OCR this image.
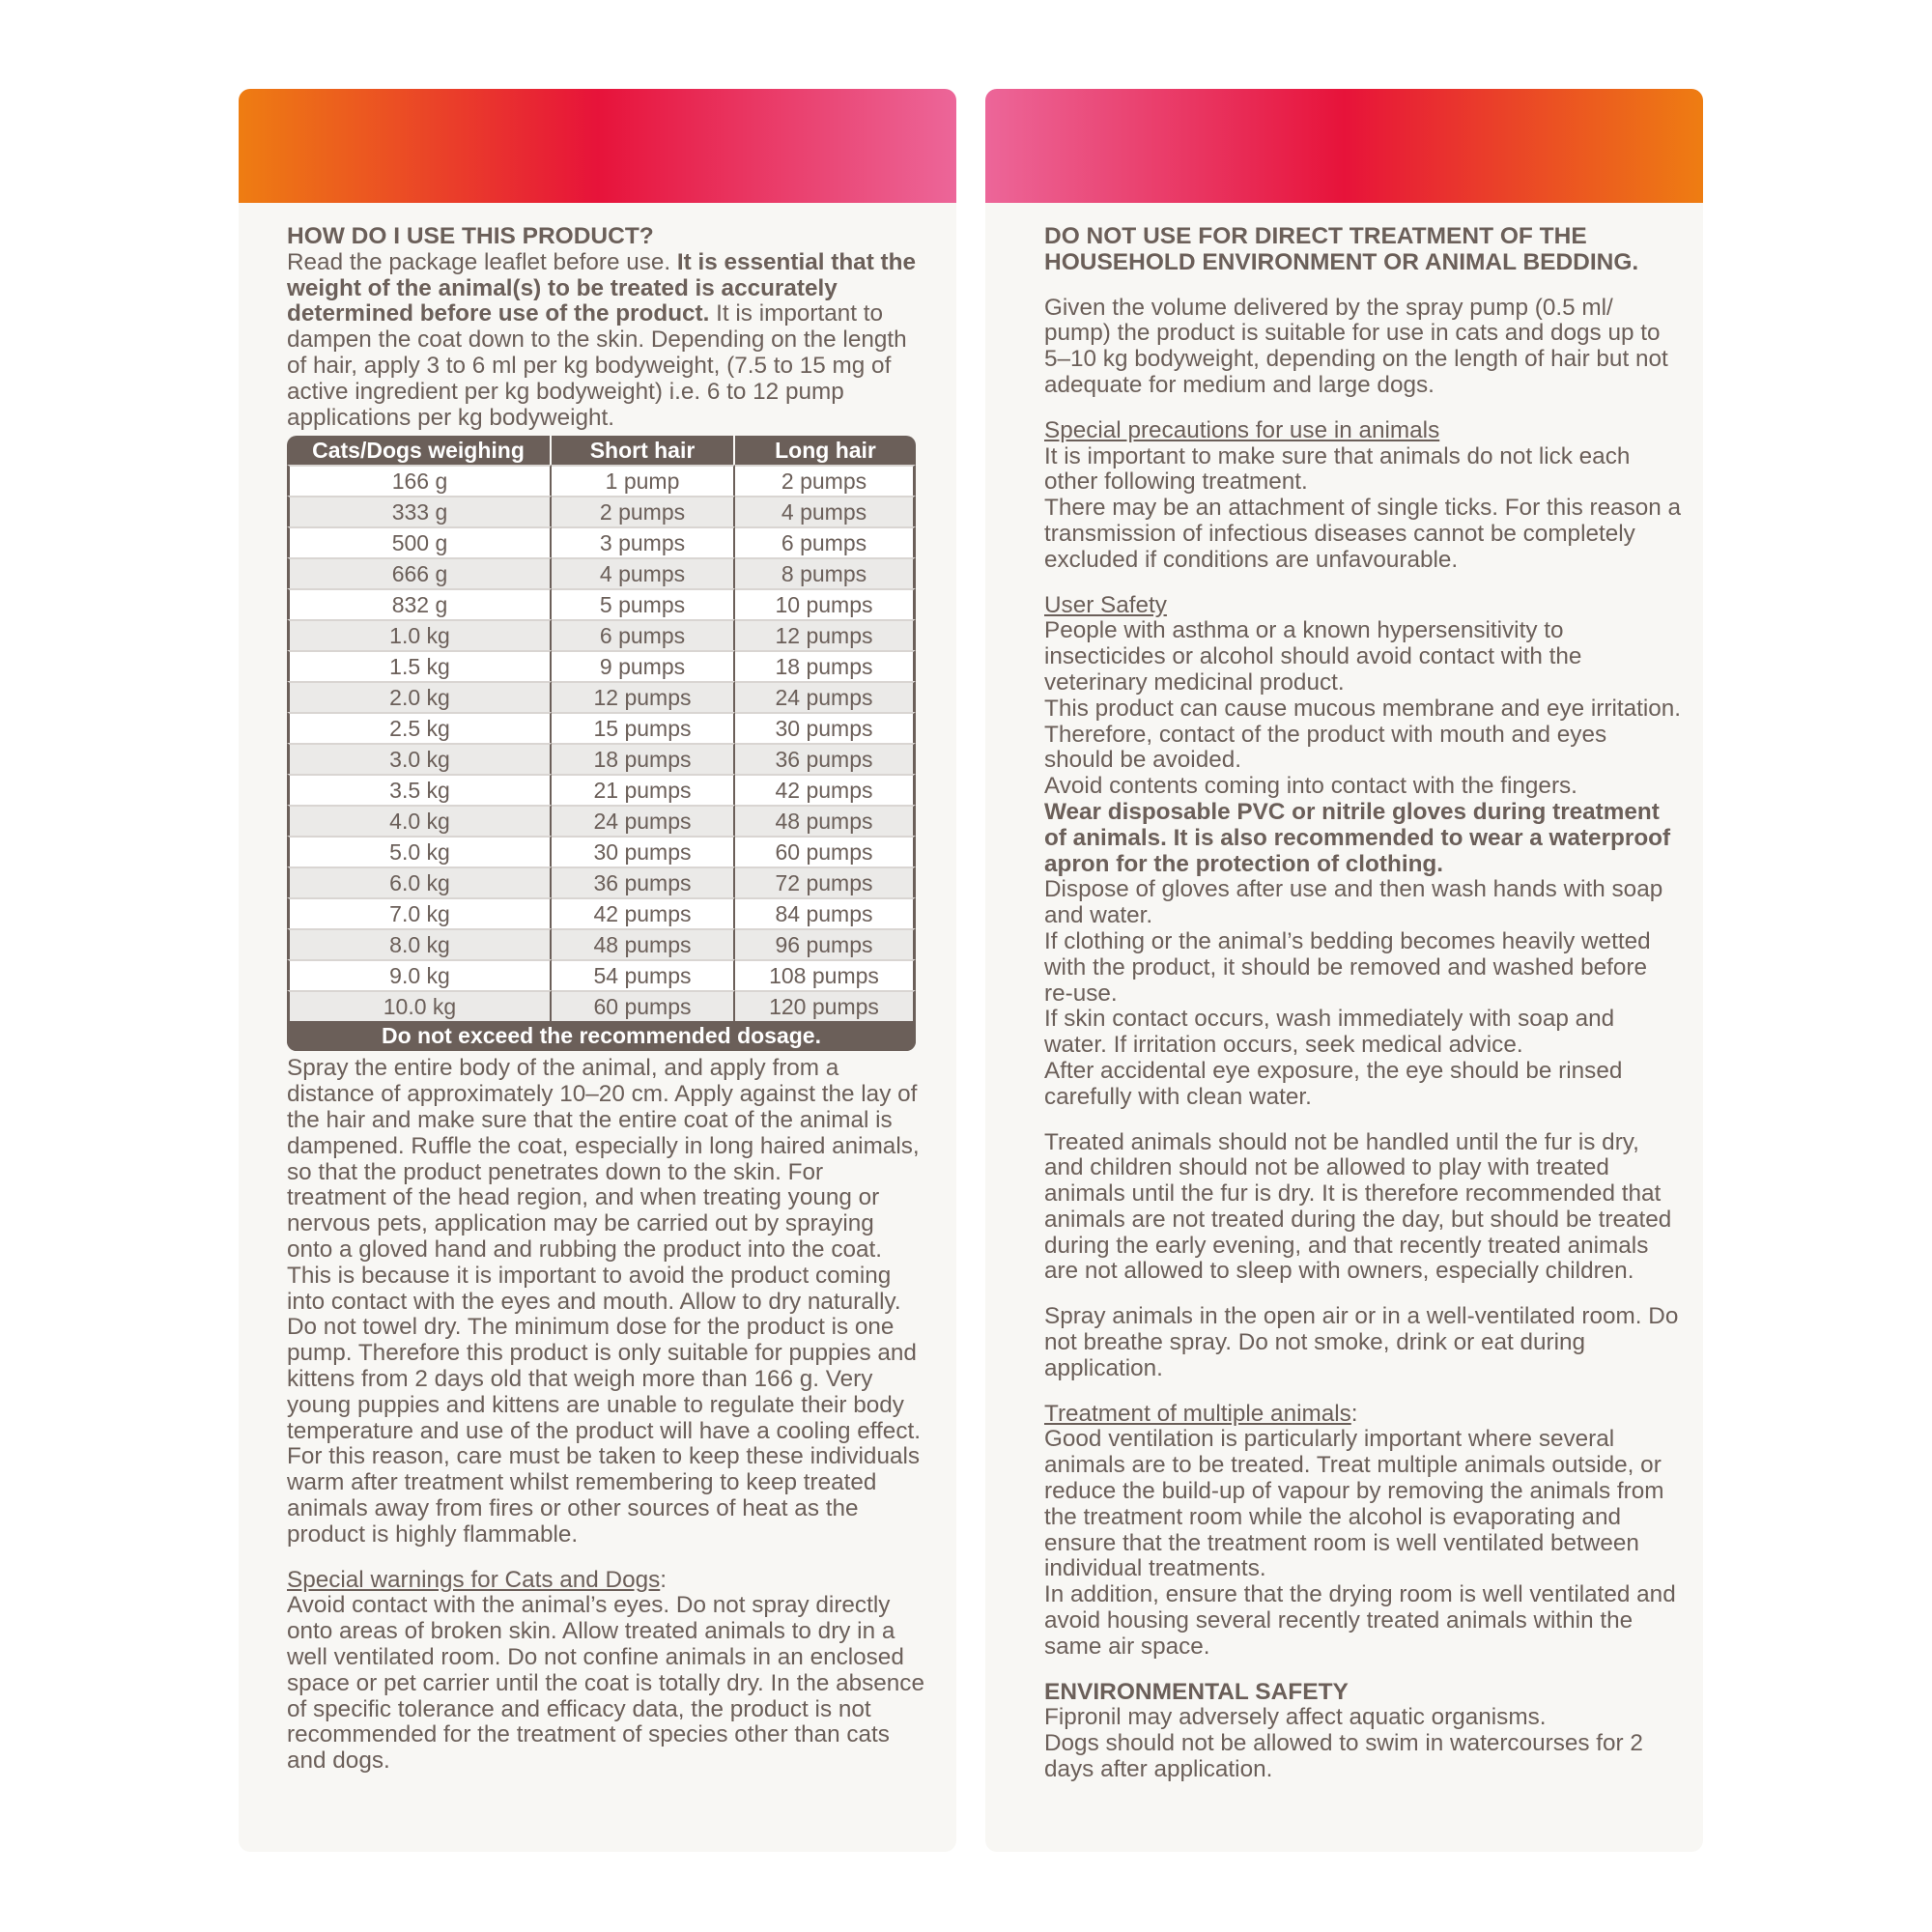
HOW DO I USE THIS PRODUCT?

Read the package leaflet before use. It is essential that the weight of the animal(s) to be treated is accurately determined before use of the product. It is important to dampen the coat down to the skin. Depending on the length of hair, apply 3 to 6 ml per kg bodyweight, (7.5 to 15 mg of active ingredient per kg bodyweight) i.e. 6 to 12 pump applications per kg bodyweight.

Cats/Dogs weighing	Short hair	Long hair
166 g	1 pump	2 pumps
333 g	2 pumps	4 pumps
500 g	3 pumps	6 pumps
666 g	4 pumps	8 pumps
832 g	5 pumps	10 pumps
1.0 kg	6 pumps	12 pumps
1.5 kg	9 pumps	18 pumps
2.0 kg	12 pumps	24 pumps
2.5 kg	15 pumps	30 pumps
3.0 kg	18 pumps	36 pumps
3.5 kg	21 pumps	42 pumps
4.0 kg	24 pumps	48 pumps
5.0 kg	30 pumps	60 pumps
6.0 kg	36 pumps	72 pumps
7.0 kg	42 pumps	84 pumps
8.0 kg	48 pumps	96 pumps
9.0 kg	54 pumps	108 pumps
10.0 kg	60 pumps	120 pumps
Do not exceed the recommended dosage.		

Spray the entire body of the animal, and apply from a distance of approximately 10–20 cm. Apply against the lay of the hair and make sure that the entire coat of the animal is dampened. Ruffle the coat, especially in long haired animals, so that the product penetrates down to the skin. For treatment of the head region, and when treating young or nervous pets, application may be carried out by spraying onto a gloved hand and rubbing the product into the coat. This is because it is important to avoid the product coming into contact with the eyes and mouth. Allow to dry naturally. Do not towel dry. The minimum dose for the product is one pump. Therefore this product is only suitable for puppies and kittens from 2 days old that weigh more than 166 g. Very young puppies and kittens are unable to regulate their body temperature and use of the product will have a cooling effect. For this reason, care must be taken to keep these individuals warm after treatment whilst remembering to keep treated animals away from fires or other sources of heat as the product is highly flammable.

Special warnings for Cats and Dogs:

Avoid contact with the animal’s eyes. Do not spray directly onto areas of broken skin. Allow treated animals to dry in a well ventilated room. Do not confine animals in an enclosed space or pet carrier until the coat is totally dry. In the absence of specific tolerance and efficacy data, the product is not recommended for the treatment of species other than cats and dogs.

DO NOT USE FOR DIRECT TREATMENT OF THE HOUSEHOLD ENVIRONMENT OR ANIMAL BEDDING.

Given the volume delivered by the spray pump (0.5 ml/ pump) the product is suitable for use in cats and dogs up to 5–10 kg bodyweight, depending on the length of hair but not adequate for medium and large dogs.

Special precautions for use in animals

It is important to make sure that animals do not lick each other following treatment.

There may be an attachment of single ticks. For this reason a transmission of infectious diseases cannot be completely excluded if conditions are unfavourable.

User Safety

People with asthma or a known hypersensitivity to insecticides or alcohol should avoid contact with the veterinary medicinal product.

This product can cause mucous membrane and eye irritation. Therefore, contact of the product with mouth and eyes should be avoided.

Avoid contents coming into contact with the fingers.

Wear disposable PVC or nitrile gloves during treatment of animals. It is also recommended to wear a waterproof apron for the protection of clothing.

Dispose of gloves after use and then wash hands with soap and water.

If clothing or the animal’s bedding becomes heavily wetted with the product, it should be removed and washed before re-use.

If skin contact occurs, wash immediately with soap and water. If irritation occurs, seek medical advice.

After accidental eye exposure, the eye should be rinsed carefully with clean water.

Treated animals should not be handled until the fur is dry, and children should not be allowed to play with treated animals until the fur is dry. It is therefore recommended that animals are not treated during the day, but should be treated during the early evening, and that recently treated animals are not allowed to sleep with owners, especially children.

Spray animals in the open air or in a well-ventilated room. Do not breathe spray. Do not smoke, drink or eat during application.

Treatment of multiple animals:

Good ventilation is particularly important where several animals are to be treated. Treat multiple animals outside, or reduce the build-up of vapour by removing the animals from the treatment room while the alcohol is evaporating and ensure that the treatment room is well ventilated between individual treatments.

In addition, ensure that the drying room is well ventilated and avoid housing several recently treated animals within the same air space.

ENVIRONMENTAL SAFETY

Fipronil may adversely affect aquatic organisms.

Dogs should not be allowed to swim in watercourses for 2 days after application.
